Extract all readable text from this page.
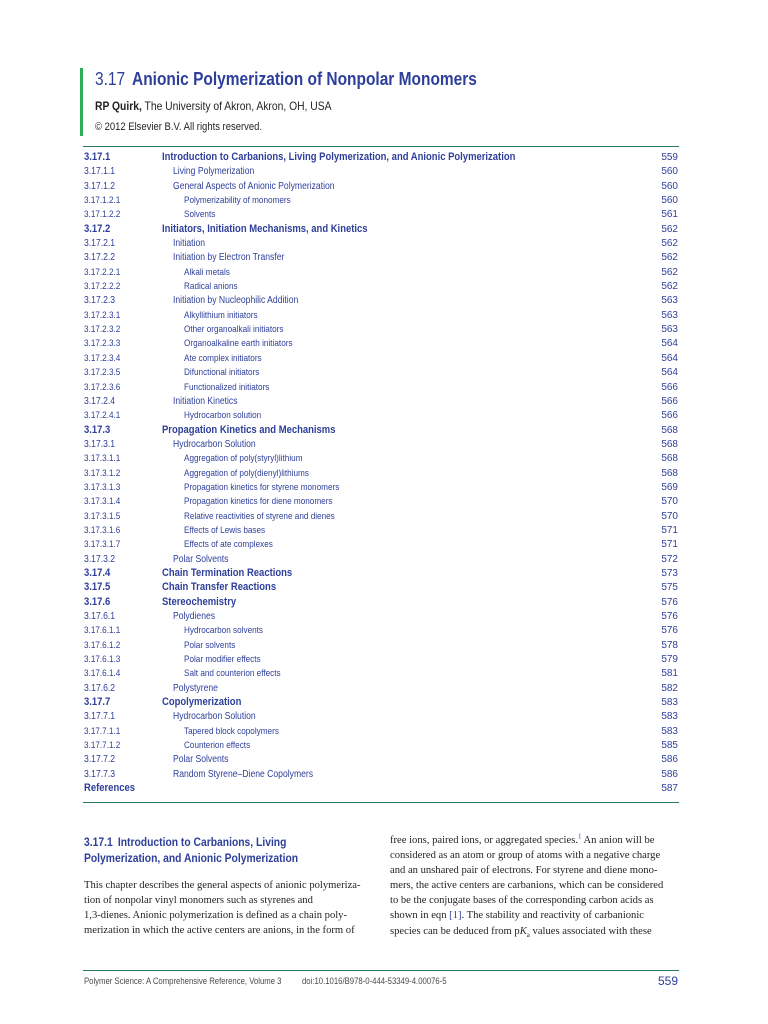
3.17 Anionic Polymerization of Nonpolar Monomers
RP Quirk, The University of Akron, Akron, OH, USA
© 2012 Elsevier B.V. All rights reserved.
3.17.1	Introduction to Carbanions, Living Polymerization, and Anionic Polymerization	559
3.17.1.1	Living Polymerization	560
3.17.1.2	General Aspects of Anionic Polymerization	560
3.17.1.2.1	Polymerizability of monomers	560
3.17.1.2.2	Solvents	561
3.17.2	Initiators, Initiation Mechanisms, and Kinetics	562
3.17.2.1	Initiation	562
3.17.2.2	Initiation by Electron Transfer	562
3.17.2.2.1	Alkali metals	562
3.17.2.2.2	Radical anions	562
3.17.2.3	Initiation by Nucleophilic Addition	563
3.17.2.3.1	Alkyllithium initiators	563
3.17.2.3.2	Other organoalkali initiators	563
3.17.2.3.3	Organoalkaline earth initiators	564
3.17.2.3.4	Ate complex initiators	564
3.17.2.3.5	Difunctional initiators	564
3.17.2.3.6	Functionalized initiators	566
3.17.2.4	Initiation Kinetics	566
3.17.2.4.1	Hydrocarbon solution	566
3.17.3	Propagation Kinetics and Mechanisms	568
3.17.3.1	Hydrocarbon Solution	568
3.17.3.1.1	Aggregation of poly(styryl)lithium	568
3.17.3.1.2	Aggregation of poly(dienyl)lithiums	568
3.17.3.1.3	Propagation kinetics for styrene monomers	569
3.17.3.1.4	Propagation kinetics for diene monomers	570
3.17.3.1.5	Relative reactivities of styrene and dienes	570
3.17.3.1.6	Effects of Lewis bases	571
3.17.3.1.7	Effects of ate complexes	571
3.17.3.2	Polar Solvents	572
3.17.4	Chain Termination Reactions	573
3.17.5	Chain Transfer Reactions	575
3.17.6	Stereochemistry	576
3.17.6.1	Polydienes	576
3.17.6.1.1	Hydrocarbon solvents	576
3.17.6.1.2	Polar solvents	578
3.17.6.1.3	Polar modifier effects	579
3.17.6.1.4	Salt and counterion effects	581
3.17.6.2	Polystyrene	582
3.17.7	Copolymerization	583
3.17.7.1	Hydrocarbon Solution	583
3.17.7.1.1	Tapered block copolymers	583
3.17.7.1.2	Counterion effects	585
3.17.7.2	Polar Solvents	586
3.17.7.3	Random Styrene–Diene Copolymers	586
References	587
3.17.1 Introduction to Carbanions, Living
Polymerization, and Anionic Polymerization

This chapter describes the general aspects of anionic polymeriza-

tion of nonpolar vinyl monomers such as styrenes and

1,3-dienes. Anionic polymerization is defined as a chain poly-

merization in which the active centers are anions, in the form of

free ions, paired ions, or aggregated species.$^1$ An anion will be

considered as an atom or group of atoms with a negative charge

and an unshared pair of electrons. For styrene and diene mono-

mers, the active centers are carbanions, which can be considered

to be the conjugate bases of the corresponding carbon acids as

shown in eqn [1]. The stability and reactivity of carbanionic

species can be deduced from $pK_a$ values associated with these

Polymer Science: A Comprehensive Reference, Volume 3 doi:10.1016/B978-0-444-53349-4.00076-5	559
